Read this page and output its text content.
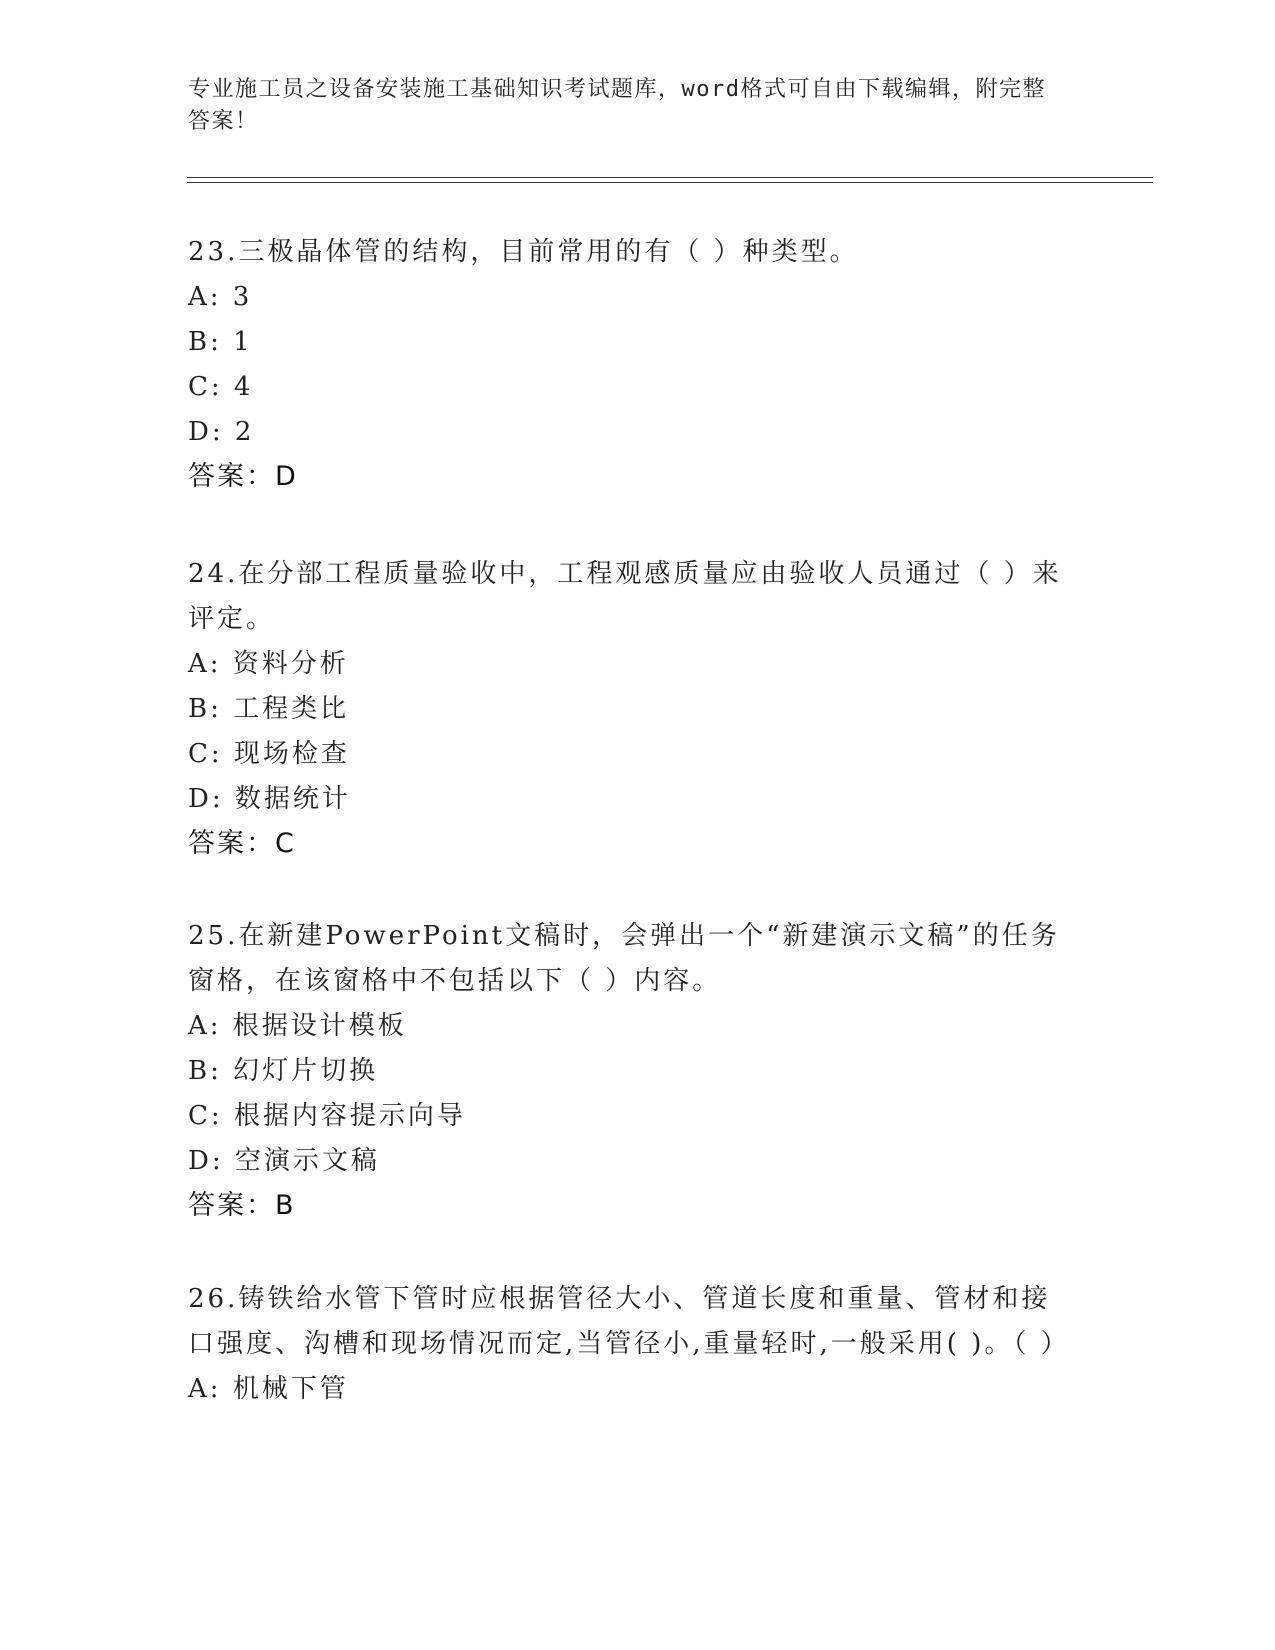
专业施工员之设备安装施工基础知识考试题库，word格式可自由下载编辑，附完整答案！

23.三极晶体管的结构，目前常用的有（ ）种类型。

A: 3

B: 1

C: 4

D: 2

答案：D

24.在分部工程质量验收中，工程观感质量应由验收人员通过（ ）来评定。

A: 资料分析

B: 工程类比

C: 现场检查

D: 数据统计

答案：C

25.在新建PowerPoint文稿时，会弹出一个“新建演示文稿”的任务窗格，在该窗格中不包括以下（ ）内容。

A: 根据设计模板

B: 幻灯片切换

C: 根据内容提示向导

D: 空演示文稿

答案：B

26.铸铁给水管下管时应根据管径大小、管道长度和重量、管材和接口强度、沟槽和现场情况而定,当管径小,重量轻时,一般采用( )。（ ）

A: 机械下管
